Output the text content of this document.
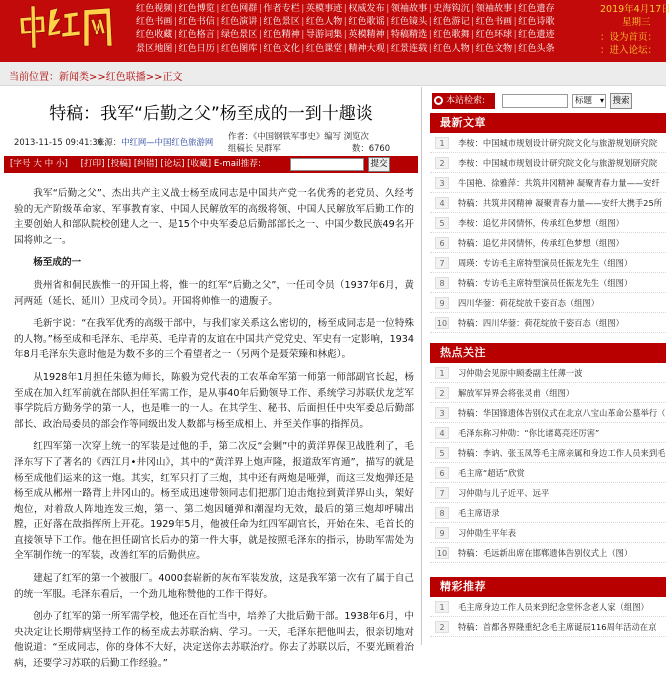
红色视频 | 红色博览 | 红色网群 | 作者专栏 | 英模事迹 | 权威发布 | 领袖故事 | 史海钩沉 | 领袖故事 | 红色遗存
红色书画 | 红色书信 | 红色演讲 | 红色景区 | 红色人物 | 红色歌谣 | 红色镜头 | 红色游记 | 红色书画 | 红色诗歌
红色收藏 | 红色格言 | 绿色景区 | 红色精神 | 导游词集 | 英模精神 | 特稿精选 | 红色歌舞 | 红色环球 | 红色遗迹
景区地图 | 红色日历 | 红色图库 | 红色文化 | 红色课堂 | 精神大观 | 红景连载 | 红色人物 | 红色文物 | 红色头条
2019年4月17日
星期三
：设为首页：
：进入论坛：
当前位置：新闻类>>红色联播>>正文
特稿：我军“后勤之父”杨至成的一到十趣谈
2013-11-15 09:41:36
来源：中红网—中国红色旅游网
作者：《中国钢铁军事史》编写 浏览次
组稿长 吴群军	数：6760
[字号 大 中 小] [打印] [投稿] [纠错] [论坛] [收藏] E-mail推荐:	提交

我军“后勤之父”、杰出共产主义战士杨至成同志是中国共产党一名优秀的老党员、久经考验的无产阶级革命家、军事教育家、中国人民解放军的高级将领、中国人民解放军后勤工作的主要创始人和部队院校创建人之一、是15个中央军委总后勤部部长之一、中国少数民族49名开国将帅之一。

杨至成的一

贵州省和侗民族惟一的开国上将，惟一的红军“后勤之父”，一任司令员（1937年6月，黄河两延（延长、延川）卫戍司令员）。开国将帅惟一的遗腹子。

毛新宇说：“在我军优秀的高级干部中，与我们家关系这么密切的，杨至成同志是一位特殊的人物。”杨至成和毛泽东、毛岸英、毛岸青的友谊在中国共产党党史、军史有一定影响，1934年8月毛泽东失意时他是为数不多的三个看望者之一（另两个是聂荣臻和林彪）。

从1928年1月担任朱德为师长，陈毅为党代表的工农革命军第一师第一师部副官长起，杨至成在加入红军前就在部队担任军需工作，是从事40年后勤领导工作、系统学习苏联伏龙芝军事学院后方勤务学的第一人，也是唯一的一人。在其学生、秘书、后面担任中央军委总后勤部部长、政治局委员的部会作等同级出发人数都与杨至成相上、并至关作事的指挥员。

红四军第一次穿上统一的军装是过他的手，第二次反“会剿”中的黄洋界保卫战胜利了，毛泽东写下了著名的《西江月•井冈山》，其中的“黄洋界上炮声隆，报道敌军宵遁”，描写的就是杨至成他们运来的这一炮。其实，红军只打了三炮，其中还有两炮是哑弹，而这三发炮弹还是杨至成从郴州一路背上井冈山的。杨至成迅速带领同志们把那门迫击炮拉到黄洋界山头，架好炮位，对着敌人阵地连发三炮，第一、第二炮因嗵弹和潮湿均无效，最后的第三炮却呼啸出膛，正好落在敌指挥所上开花。1929年5月，他被任命为红四军副官长，开始在朱、毛首长的直接领导下工作。他在担任副官长后办的第一件大事，就是按照毛泽东的指示，协助军需处为全军制作统一的军装，改善红军的后勤供应。

建起了红军的第一个被服厂。4000套崭新的灰布军装发放，这是我军第一次有了属于自己的统一军服。毛泽东看后，一个劲儿地称赞他的工作干得好。

创办了红军的第一所军需学校，他还在百忙当中，培养了大批后勤干部。1938年6月，中央决定让长期带病坚持工作的杨至成去苏联治病、学习。一天，毛泽东把他叫去，很亲切地对他说道：“至成同志，你的身体不大好，决定送你去苏联治疗。你去了苏联以后，不要光顾着治病，还要学习苏联的后勤工作经验。”

本站检索:	标题 ▾	搜索
最新文章
1	李桉：中国城市规划设计研究院文化与旅游规划研究院
2	李桉：中国城市规划设计研究院文化与旅游规划研究院
3	牛国艳、徐雅萍：共筑井冈精神 凝聚青春力量——安纤
4	特稿：共筑井冈精神 凝聚青春力量——安纤大携手25所
5	李桉：追忆井冈情怀，传承红色梦想（组图）
6	特稿：追忆井冈情怀，传承红色梦想（组图）
7	周瑛：专访毛主席特型演员任振龙先生（组图）
8	特稿：专访毛主席特型演员任振龙先生（组图）
9	四川华蓥：荷花绽放千姿百态（组图）
10 特稿：四川华蓥：荷花绽放千姿百态（组图）
热点关注
1	习仲勋会见原中顾委副主任薄一波
2	解放军异界会将张灵甫（组图）
3	特稿：华国锋遗体告别仪式在北京八宝山革命公墓举行（
4	毛泽东称习仲勋：“你比诸葛亮还厉害”
5	特稿：李讷、张玉凤等毛主席亲属和身边工作人员来到毛
6	毛主席“超话”欣赏
7	习仲勋与儿子近平、远平
8	毛主席语录
9	习仲勋生平年表
10 特稿：毛远新出席在邯郸遗体告别仪式上（图）
精彩推荐
1	毛主席身边工作人员来到纪念堂怀念老人家（组图）
2	特稿：首都各界隆重纪念毛主席诞辰116周年活动在京
